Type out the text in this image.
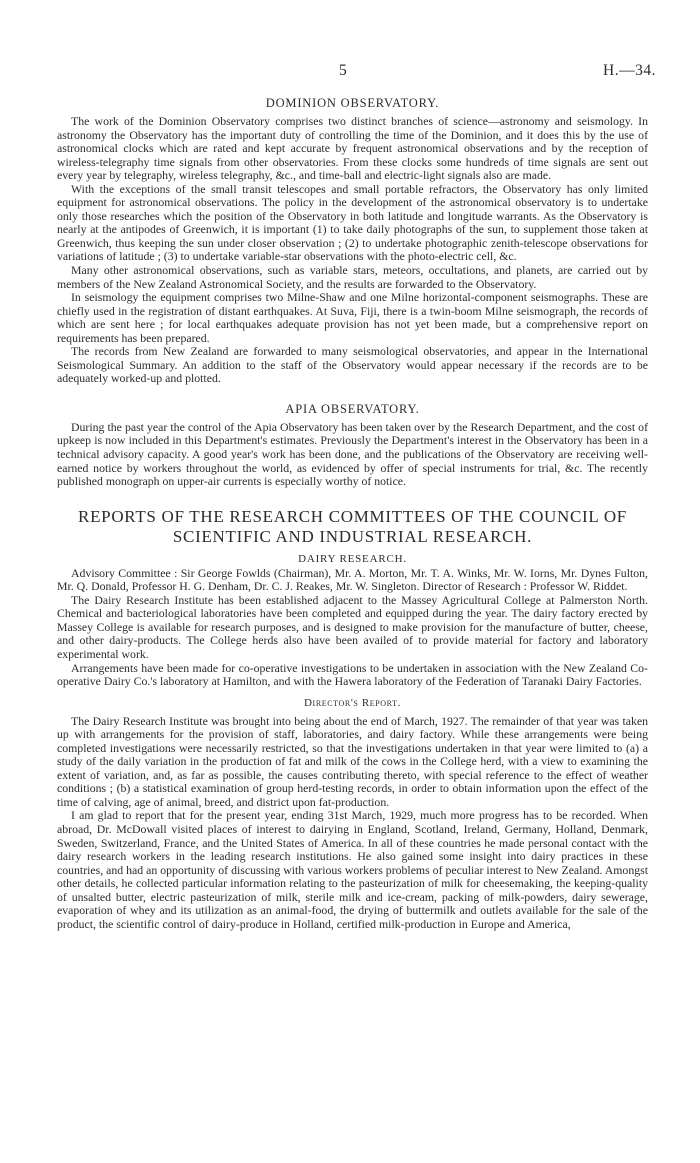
5	H.—34.
DOMINION OBSERVATORY.

The work of the Dominion Observatory comprises two distinct branches of science—astronomy and seismology. In astronomy the Observatory has the important duty of controlling the time of the Dominion, and it does this by the use of astronomical clocks which are rated and kept accurate by frequent astronomical observations and by the reception of wireless-telegraphy time signals from other observatories. From these clocks some hundreds of time signals are sent out every year by telegraphy, wireless telegraphy, &c., and time-ball and electric-light signals also are made.

With the exceptions of the small transit telescopes and small portable refractors, the Observatory has only limited equipment for astronomical observations. The policy in the development of the astronomical observatory is to undertake only those researches which the position of the Observatory in both latitude and longitude warrants. As the Observatory is nearly at the antipodes of Greenwich, it is important (1) to take daily photographs of the sun, to supplement those taken at Greenwich, thus keeping the sun under closer observation ; (2) to undertake photographic zenith-telescope observations for variations of latitude ; (3) to undertake variable-star observations with the photo-electric cell, &c.

Many other astronomical observations, such as variable stars, meteors, occultations, and planets, are carried out by members of the New Zealand Astronomical Society, and the results are forwarded to the Observatory.

In seismology the equipment comprises two Milne-Shaw and one Milne horizontal-component seismographs. These are chiefly used in the registration of distant earthquakes. At Suva, Fiji, there is a twin-boom Milne seismograph, the records of which are sent here ; for local earthquakes adequate provision has not yet been made, but a comprehensive report on requirements has been prepared.

The records from New Zealand are forwarded to many seismological observatories, and appear in the International Seismological Summary. An addition to the staff of the Observatory would appear necessary if the records are to be adequately worked-up and plotted.

APIA OBSERVATORY.

During the past year the control of the Apia Observatory has been taken over by the Research Department, and the cost of upkeep is now included in this Department's estimates. Previously the Department's interest in the Observatory has been in a technical advisory capacity. A good year's work has been done, and the publications of the Observatory are receiving well-earned notice by workers throughout the world, as evidenced by offer of special instruments for trial, &c. The recently published monograph on upper-air currents is especially worthy of notice.

REPORTS OF THE RESEARCH COMMITTEES OF THE COUNCIL OF
SCIENTIFIC AND INDUSTRIAL RESEARCH.
DAIRY RESEARCH.

Advisory Committee : Sir George Fowlds (Chairman), Mr. A. Morton, Mr. T. A. Winks, Mr. W. Iorns, Mr. Dynes Fulton, Mr. Q. Donald, Professor H. G. Denham, Dr. C. J. Reakes, Mr. W. Singleton. Director of Research : Professor W. Riddet.

The Dairy Research Institute has been established adjacent to the Massey Agricultural College at Palmerston North. Chemical and bacteriological laboratories have been completed and equipped during the year. The dairy factory erected by Massey College is available for research purposes, and is designed to make provision for the manufacture of butter, cheese, and other dairy-products. The College herds also have been availed of to provide material for factory and laboratory experimental work.

Arrangements have been made for co-operative investigations to be undertaken in association with the New Zealand Co-operative Dairy Co.'s laboratory at Hamilton, and with the Hawera laboratory of the Federation of Taranaki Dairy Factories.

Director's Report.

The Dairy Research Institute was brought into being about the end of March, 1927. The remainder of that year was taken up with arrangements for the provision of staff, laboratories, and dairy factory. While these arrangements were being completed investigations were necessarily restricted, so that the investigations undertaken in that year were limited to (a) a study of the daily variation in the production of fat and milk of the cows in the College herd, with a view to examining the extent of variation, and, as far as possible, the causes contributing thereto, with special reference to the effect of weather conditions ; (b) a statistical examination of group herd-testing records, in order to obtain information upon the effect of the time of calving, age of animal, breed, and district upon fat-production.

I am glad to report that for the present year, ending 31st March, 1929, much more progress has to be recorded. When abroad, Dr. McDowall visited places of interest to dairying in England, Scotland, Ireland, Germany, Holland, Denmark, Sweden, Switzerland, France, and the United States of America. In all of these countries he made personal contact with the dairy research workers in the leading research institutions. He also gained some insight into dairy practices in these countries, and had an opportunity of discussing with various workers problems of peculiar interest to New Zealand. Amongst other details, he collected particular information relating to the pasteurization of milk for cheesemaking, the keeping-quality of unsalted butter, electric pasteurization of milk, sterile milk and ice-cream, packing of milk-powders, dairy sewerage, evaporation of whey and its utilization as an animal-food, the drying of buttermilk and outlets available for the sale of the product, the scientific control of dairy-produce in Holland, certified milk-production in Europe and America,
